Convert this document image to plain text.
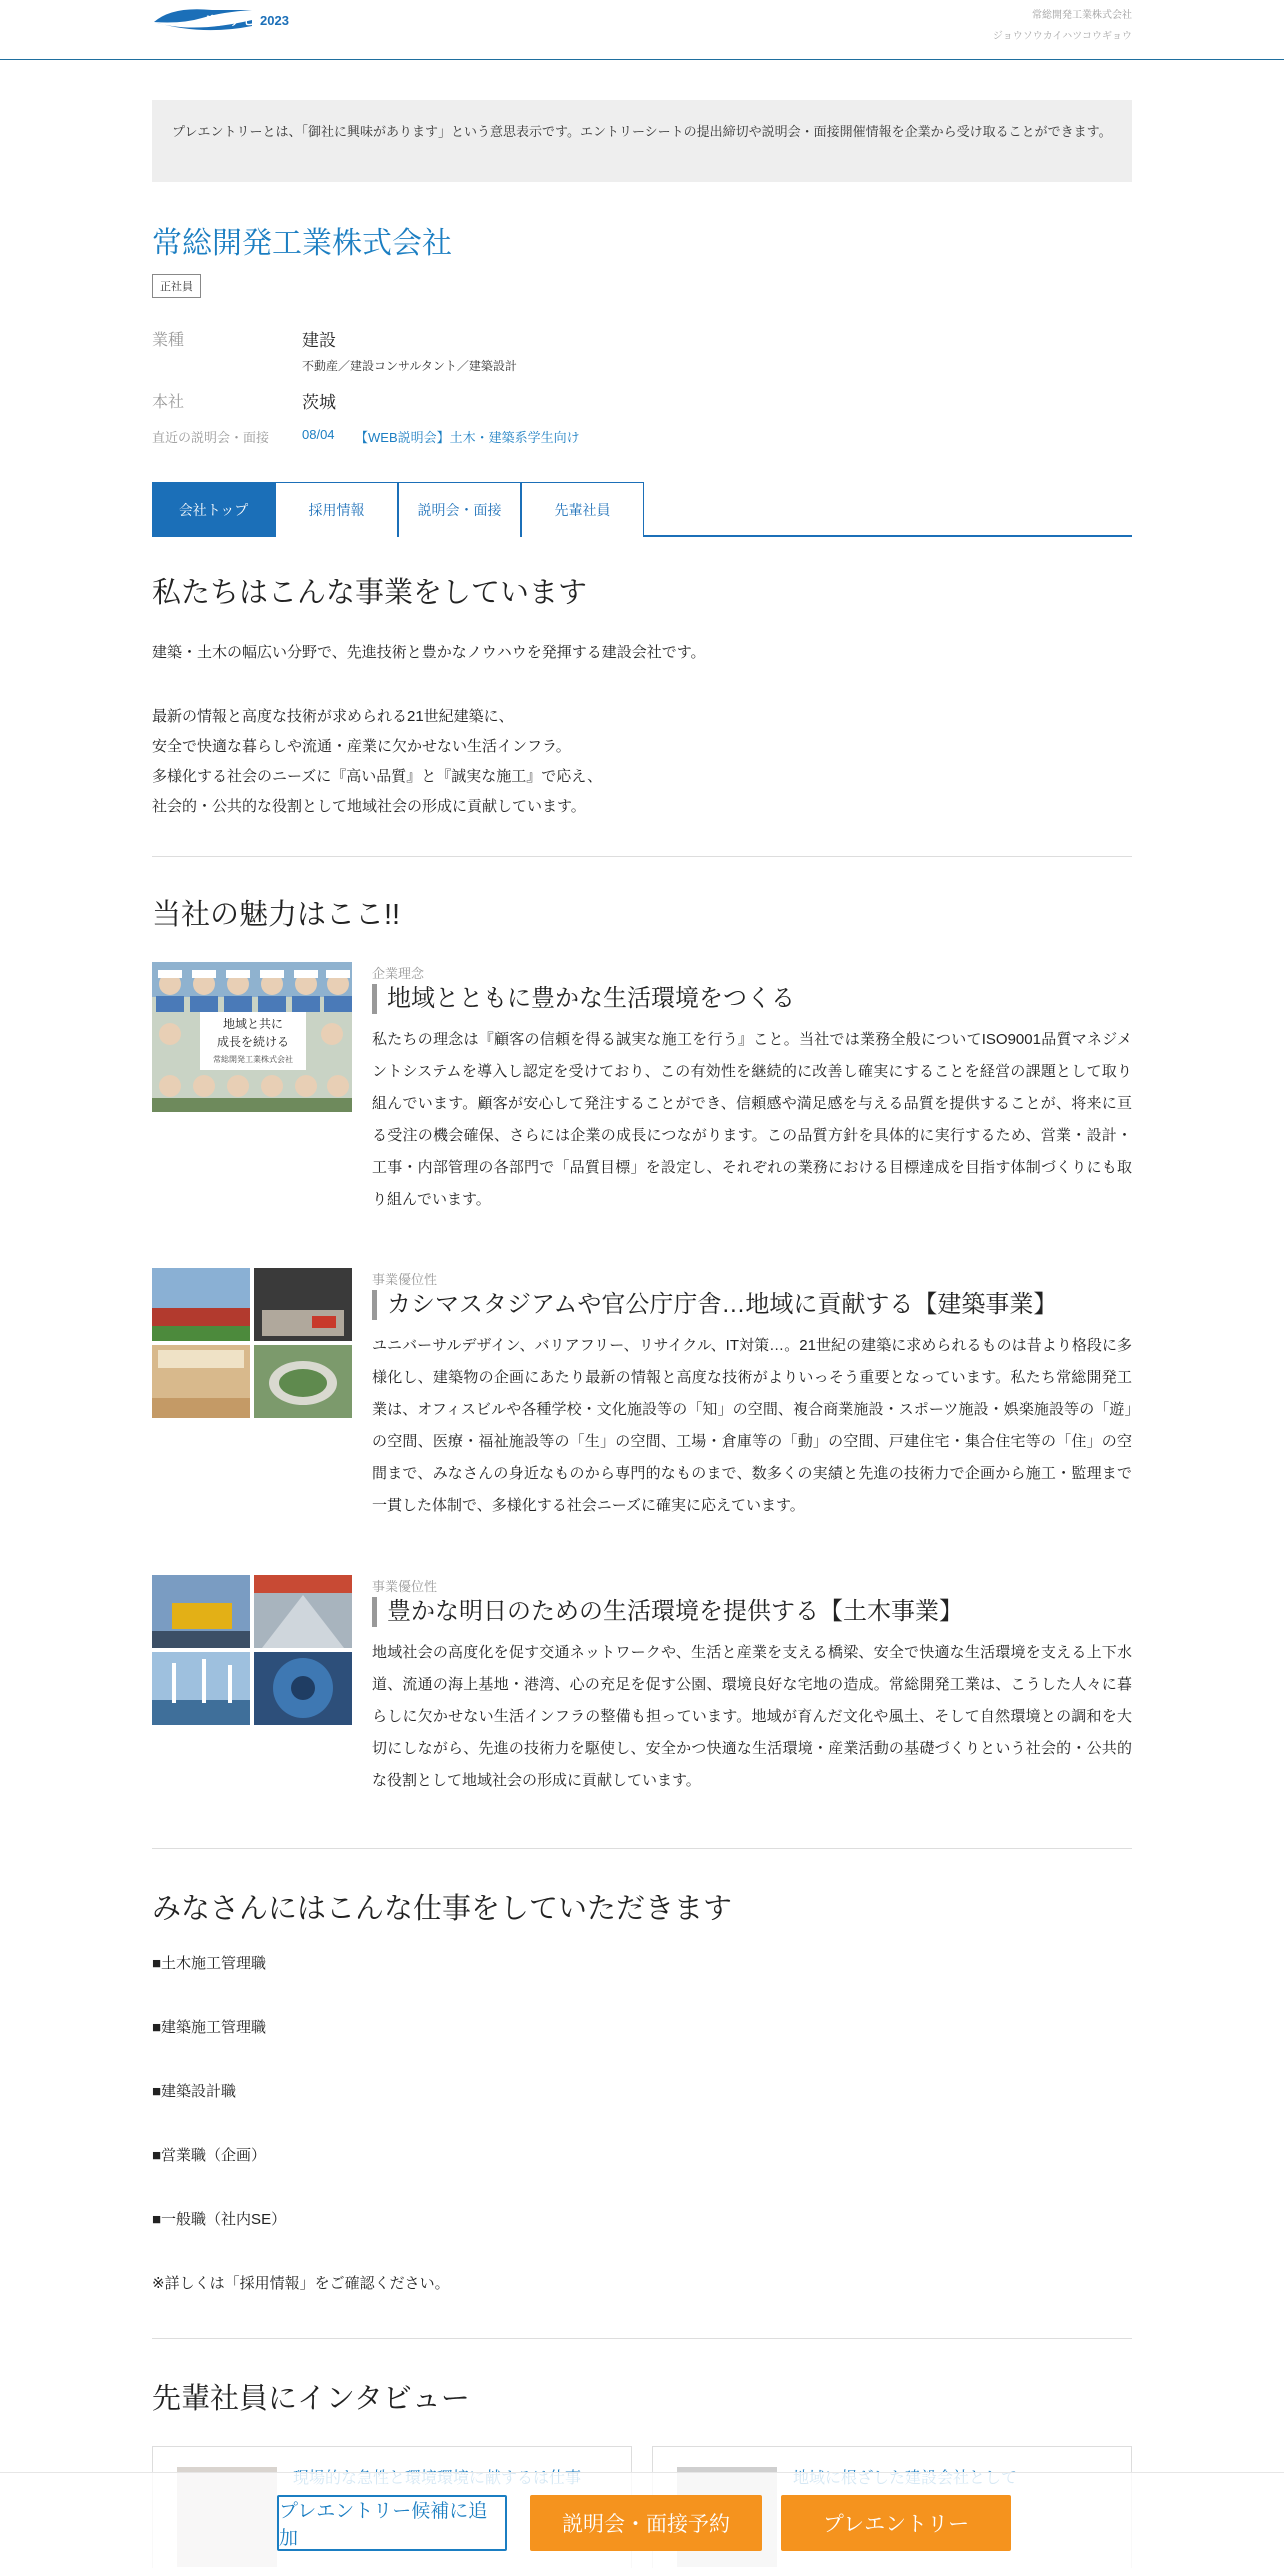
リクナビ 2023	常総開発工業株式会社
ジョウソウカイハツコウギョウ
プレエントリーとは、「御社に興味があります」という意思表示です。エントリーシートの提出締切や説明会・面接開催情報を企業から受け取ることができます。
常総開発工業株式会社
正社員
業種	建設
不動産／建設コンサルタント／建築設計
本社	茨城
直近の説明会・面接	08/04 【WEB説明会】土木・建築系学生向け
会社トップ	採用情報	説明会・面接	先輩社員
私たちはこんな事業をしています
建築・土木の幅広い分野で、先進技術と豊かなノウハウを発揮する建設会社です。
最新の情報と高度な技術が求められる21世紀建築に、
安全で快適な暮らしや流通・産業に欠かせない生活インフラ。
多様化する社会のニーズに『高い品質』と『誠実な施工』で応え、
社会的・公共的な役割として地域社会の形成に貢献しています。
当社の魅力はここ!!
地域と共に
成長を続ける
常総開発工業株式会社
企業理念
地域とともに豊かな生活環境をつくる
私たちの理念は『顧客の信頼を得る誠実な施工を行う』こと。当社では業務全般についてISO9001品質マネジメントシステムを導入し認定を受けており、この有効性を継続的に改善し確実にすることを経営の課題として取り組んでいます。顧客が安心して発注することができ、信頼感や満足感を与える品質を提供することが、将来に亘る受注の機会確保、さらには企業の成長につながります。この品質方針を具体的に実行するため、営業・設計・工事・内部管理の各部門で「品質目標」を設定し、それぞれの業務における目標達成を目指す体制づくりにも取り組んでいます。
事業優位性
カシマスタジアムや官公庁庁舎…地域に貢献する【建築事業】
ユニバーサルデザイン、バリアフリー、リサイクル、IT対策…。21世紀の建築に求められるものは昔より格段に多様化し、建築物の企画にあたり最新の情報と高度な技術がよりいっそう重要となっています。私たち常総開発工業は、オフィスビルや各種学校・文化施設等の「知」の空間、複合商業施設・スポーツ施設・娯楽施設等の「遊」の空間、医療・福祉施設等の「生」の空間、工場・倉庫等の「動」の空間、戸建住宅・集合住宅等の「住」の空間まで、みなさんの身近なものから専門的なものまで、数多くの実績と先進の技術力で企画から施工・監理まで一貫した体制で、多様化する社会ニーズに確実に応えています。
事業優位性
豊かな明日のための生活環境を提供する【土木事業】
地域社会の高度化を促す交通ネットワークや、生活と産業を支える橋梁、安全で快適な生活環境を支える上下水道、流通の海上基地・港湾、心の充足を促す公園、環境良好な宅地の造成。常総開発工業は、こうした人々に暮らしに欠かせない生活インフラの整備も担っています。地域が育んだ文化や風土、そして自然環境との調和を大切にしながら、先進の技術力を駆使し、安全かつ快適な生活環境・産業活動の基礎づくりという社会的・公共的な役割として地域社会の形成に貢献しています。
みなさんにはこんな仕事をしていただきます
■土木施工管理職
■建築施工管理職
■建築設計職
■営業職（企画）
■一般職（社内SE）
※詳しくは「採用情報」をご確認ください。
先輩社員にインタビュー
プレエントリー候補に追加
説明会・面接予約	プレエントリー
